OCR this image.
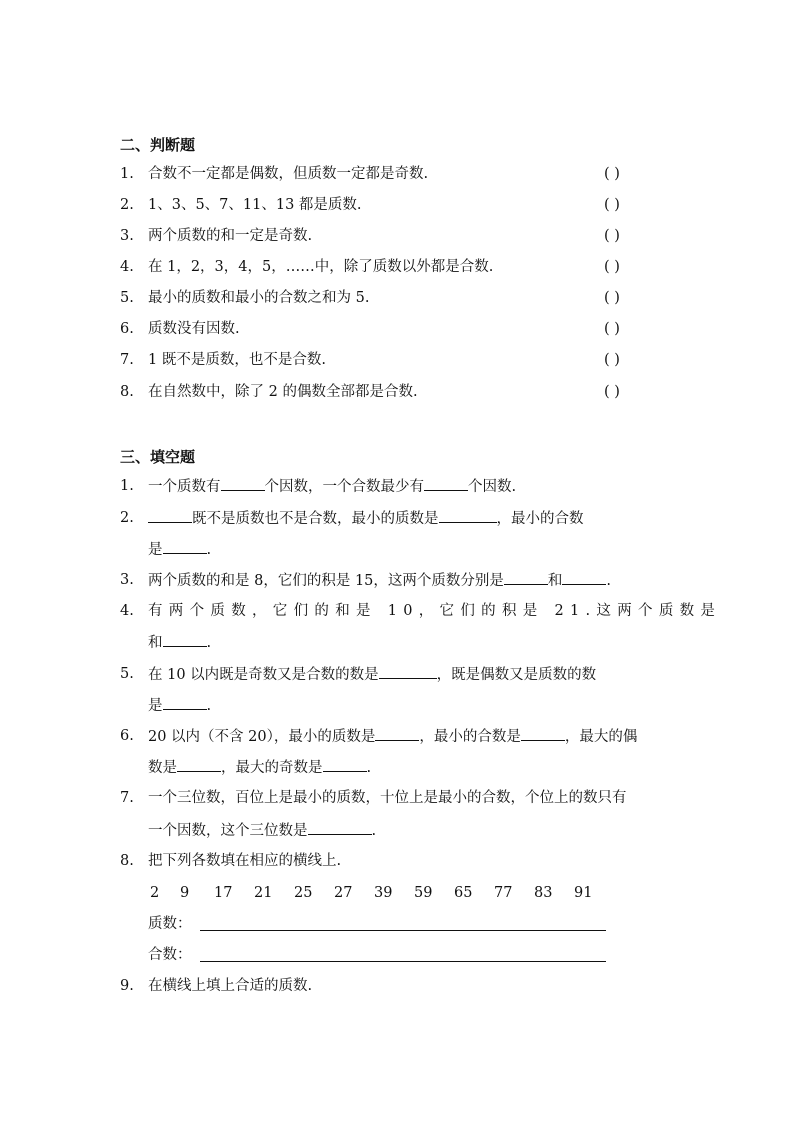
二、判断题
1. 合数不一定都是偶数，但质数一定都是奇数.	( )
2. 1、3、5、7、11、13 都是质数.	( )
3. 两个质数的和一定是奇数.	( )
4. 在 1，2，3，4，5，……中，除了质数以外都是合数.	( )
5. 最小的质数和最小的合数之和为 5.	( )
6. 质数没有因数.	( )
7. 1 既不是质数，也不是合数.	( )
8. 在自然数中，除了 2 的偶数全部都是合数.	( )
三、填空题
1. 一个质数有	个因数，一个合数最少有	个因数.
2.	既不是质数也不是合数，最小的质数是	，最小的合数
是	.
3. 两个质数的和是 8，它们的积是 15，这两个质数分别是	和	.
4. 有两个质数，它们的和是 10，它们的积是 21.这两个质数是
和	.
5. 在 10 以内既是奇数又是合数的数是	，既是偶数又是质数的数
是	.
6. 20 以内（不含 20），最小的质数是	，最小的合数是	，最大的偶
数是	，最大的奇数是	.
7. 一个三位数，百位上是最小的质数，十位上是最小的合数，个位上的数只有
一个因数，这个三位数是	.
8. 把下列各数填在相应的横线上.
2 9 17 21 25 27 39 59 65 77 83 91
质数：
合数：
9. 在横线上填上合适的质数.
